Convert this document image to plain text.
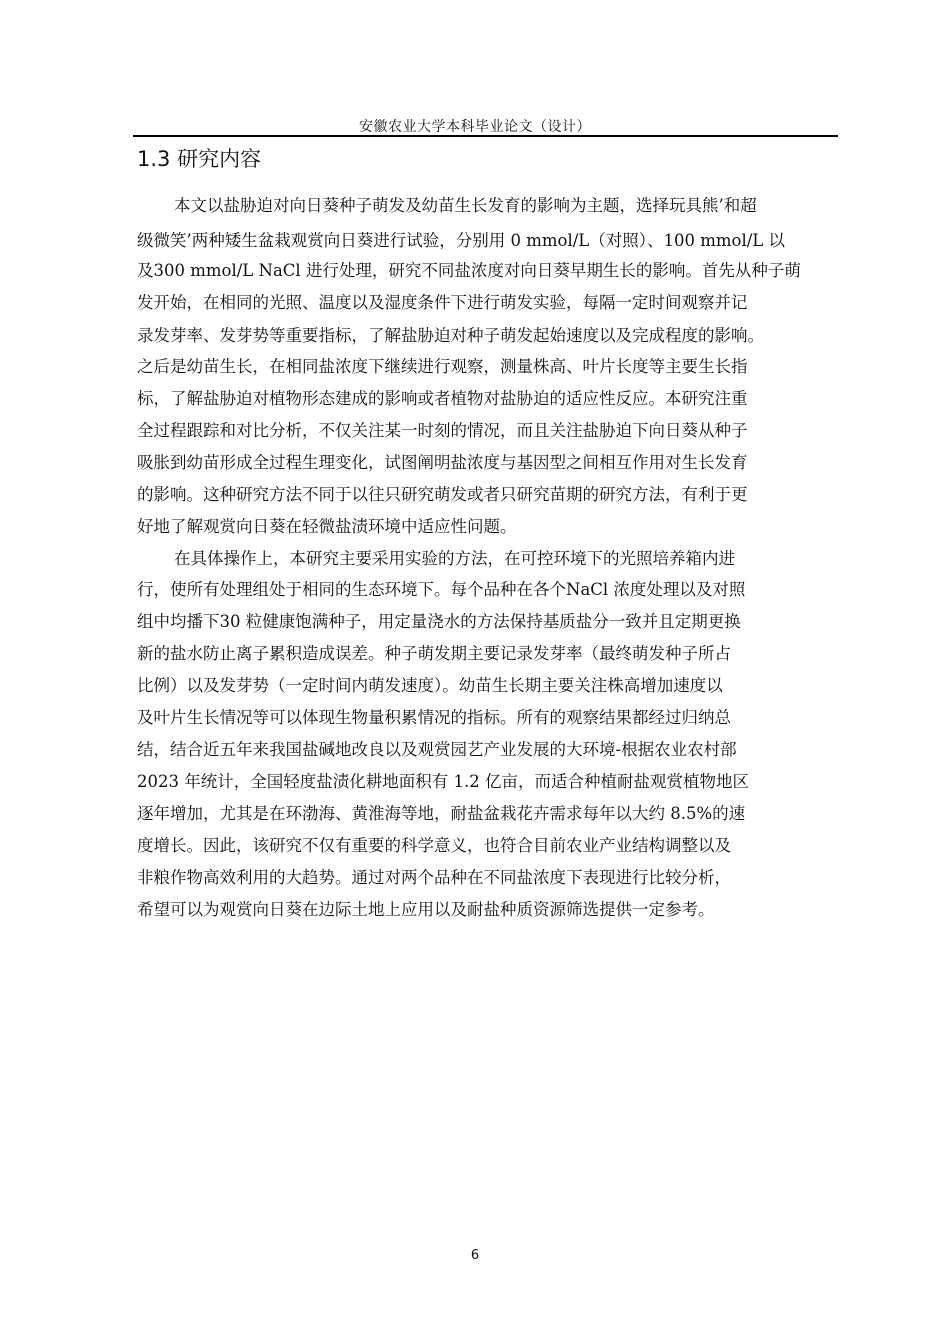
安徽农业大学本科毕业论文（设计）
1.3 研究内容
本文以盐胁迫对向日葵种子萌发及幼苗生长发育的影响为主题，选择玩具熊’和超
级微笑’两种矮生盆栽观赏向日葵进行试验，分别用 0 mmol/L（对照）、100 mmol/L 以
及300 mmol/L NaCl 进行处理，研究不同盐浓度对向日葵早期生长的影响。首先从种子萌
发开始，在相同的光照、温度以及湿度条件下进行萌发实验，每隔一定时间观察并记
录发芽率、发芽势等重要指标，了解盐胁迫对种子萌发起始速度以及完成程度的影响。
之后是幼苗生长，在相同盐浓度下继续进行观察，测量株高、叶片长度等主要生长指
标，了解盐胁迫对植物形态建成的影响或者植物对盐胁迫的适应性反应。本研究注重
全过程跟踪和对比分析，不仅关注某一时刻的情况，而且关注盐胁迫下向日葵从种子
吸胀到幼苗形成全过程生理变化，试图阐明盐浓度与基因型之间相互作用对生长发育
的影响。这种研究方法不同于以往只研究萌发或者只研究苗期的研究方法，有利于更
好地了解观赏向日葵在轻微盐渍环境中适应性问题。
在具体操作上，本研究主要采用实验的方法，在可控环境下的光照培养箱内进
行，使所有处理组处于相同的生态环境下。每个品种在各个NaCl 浓度处理以及对照
组中均播下30 粒健康饱满种子，用定量浇水的方法保持基质盐分一致并且定期更换
新的盐水防止离子累积造成误差。种子萌发期主要记录发芽率（最终萌发种子所占
比例）以及发芽势（一定时间内萌发速度）。幼苗生长期主要关注株高增加速度以
及叶片生长情况等可以体现生物量积累情况的指标。所有的观察结果都经过归纳总
结，结合近五年来我国盐碱地改良以及观赏园艺产业发展的大环境-根据农业农村部
2023 年统计，全国轻度盐渍化耕地面积有 1.2 亿亩，而适合种植耐盐观赏植物地区
逐年增加，尤其是在环渤海、黄淮海等地，耐盐盆栽花卉需求每年以大约 8.5%的速
度增长。因此，该研究不仅有重要的科学意义，也符合目前农业产业结构调整以及
非粮作物高效利用的大趋势。通过对两个品种在不同盐浓度下表现进行比较分析，
希望可以为观赏向日葵在边际土地上应用以及耐盐种质资源筛选提供一定参考。
6
